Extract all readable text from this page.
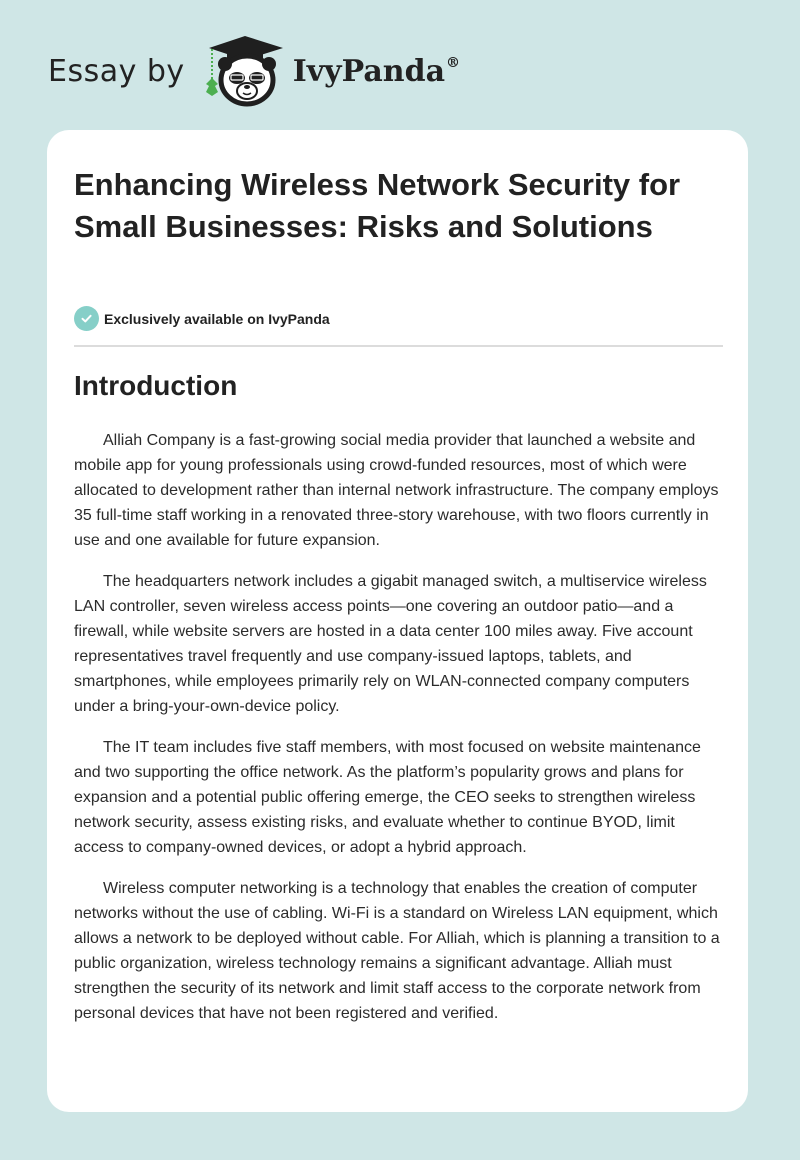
Essay by	IvyPanda®
Enhancing Wireless Network Security for Small Businesses: Risks and Solutions
Exclusively available on IvyPanda
Introduction

Alliah Company is a fast-growing social media provider that launched a website and mobile app for young professionals using crowd-funded resources, most of which were allocated to development rather than internal network infrastructure. The company employs 35 full-time staff working in a renovated three-story warehouse, with two floors currently in use and one available for future expansion.

The headquarters network includes a gigabit managed switch, a multiservice wireless LAN controller, seven wireless access points—one covering an outdoor patio—and a firewall, while website servers are hosted in a data center 100 miles away. Five account representatives travel frequently and use company-issued laptops, tablets, and smartphones, while employees primarily rely on WLAN-connected company computers under a bring-your-own-device policy.

The IT team includes five staff members, with most focused on website maintenance and two supporting the office network. As the platform’s popularity grows and plans for expansion and a potential public offering emerge, the CEO seeks to strengthen wireless network security, assess existing risks, and evaluate whether to continue BYOD, limit access to company-owned devices, or adopt a hybrid approach.

Wireless computer networking is a technology that enables the creation of computer networks without the use of cabling. Wi-Fi is a standard on Wireless LAN equipment, which allows a network to be deployed without cable. For Alliah, which is planning a transition to a public organization, wireless technology remains a significant advantage. Alliah must strengthen the security of its network and limit staff access to the corporate network from personal devices that have not been registered and verified.
